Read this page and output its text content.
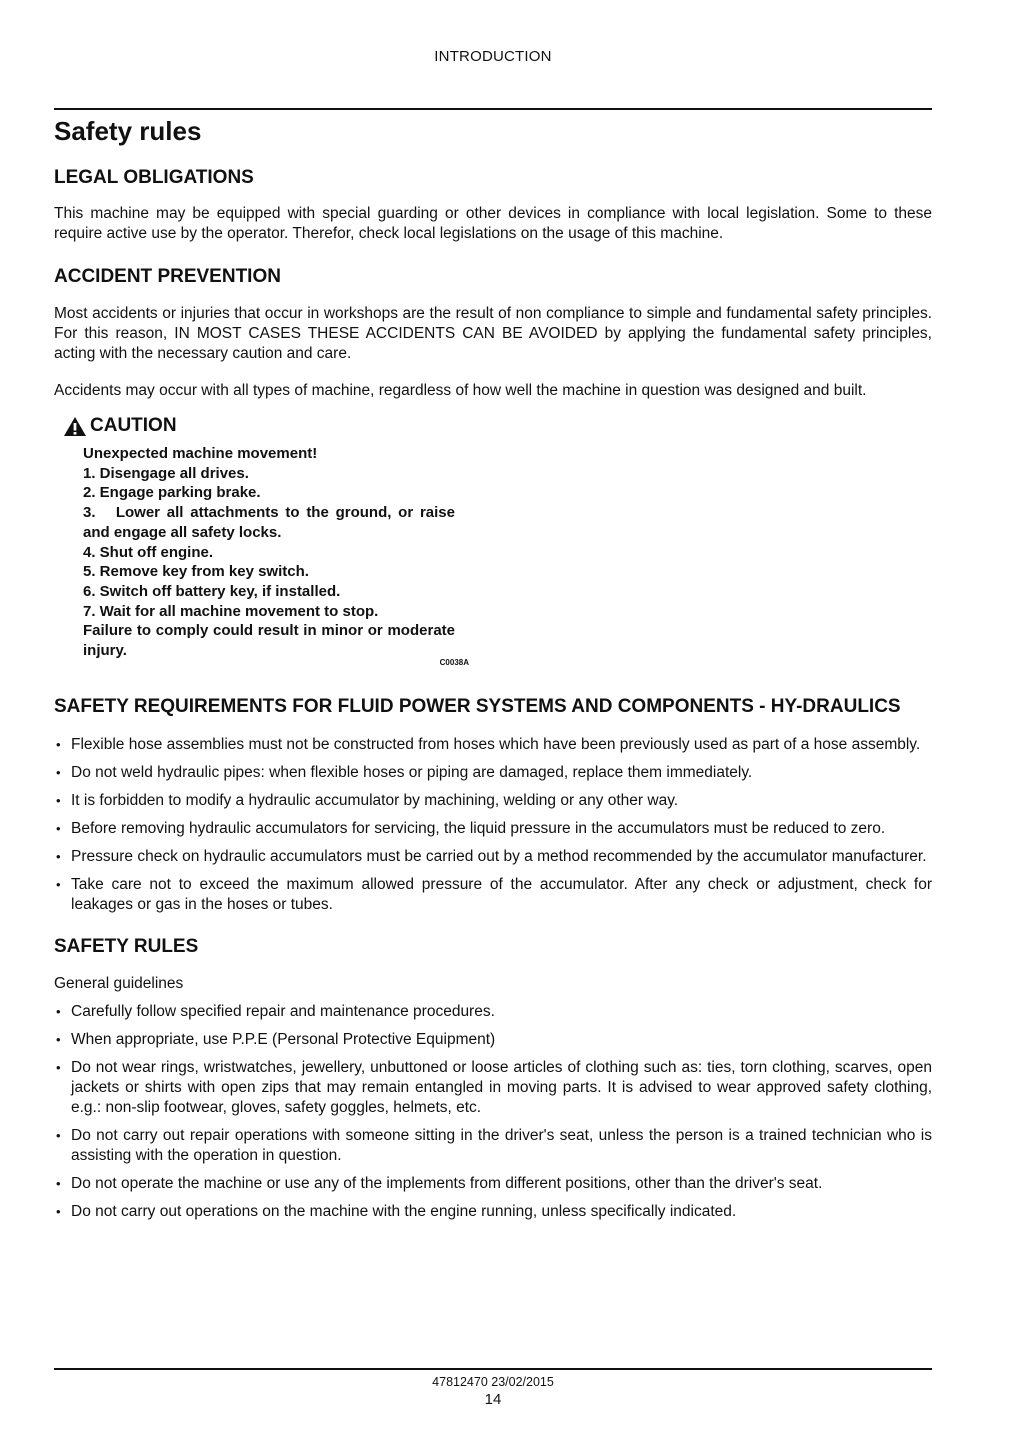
INTRODUCTION
Safety rules
LEGAL OBLIGATIONS

This machine may be equipped with special guarding or other devices in compliance with local legislation. Some to these require active use by the operator. Therefor, check local legislations on the usage of this machine.

ACCIDENT PREVENTION

Most accidents or injuries that occur in workshops are the result of non compliance to simple and fundamental safety principles. For this reason, IN MOST CASES THESE ACCIDENTS CAN BE AVOIDED by applying the fundamental safety principles, acting with the necessary caution and care.

Accidents may occur with all types of machine, regardless of how well the machine in question was designed and built.

CAUTION

Unexpected machine movement!

1. Disengage all drives.

2. Engage parking brake.

3.   Lower all attachments to the ground, or raise and engage all safety locks.

4. Shut off engine.

5. Remove key from key switch.

6. Switch off battery key, if installed.

7. Wait for all machine movement to stop.

Failure to comply could result in minor or moderate injury.

C0038A
SAFETY REQUIREMENTS FOR FLUID POWER SYSTEMS AND COMPONENTS - HY-DRAULICS
• Flexible hose assemblies must not be constructed from hoses which have been previously used as part of a hose assembly.
• Do not weld hydraulic pipes: when flexible hoses or piping are damaged, replace them immediately.
• It is forbidden to modify a hydraulic accumulator by machining, welding or any other way.
• Before removing hydraulic accumulators for servicing, the liquid pressure in the accumulators must be reduced to zero.
• Pressure check on hydraulic accumulators must be carried out by a method recommended by the accumulator manufacturer.
• Take care not to exceed the maximum allowed pressure of the accumulator. After any check or adjustment, check for leakages or gas in the hoses or tubes.
SAFETY RULES

General guidelines

• Carefully follow specified repair and maintenance procedures.
• When appropriate, use P.P.E (Personal Protective Equipment)
• Do not wear rings, wristwatches, jewellery, unbuttoned or loose articles of clothing such as: ties, torn clothing, scarves, open jackets or shirts with open zips that may remain entangled in moving parts. It is advised to wear approved safety clothing, e.g.: non-slip footwear, gloves, safety goggles, helmets, etc.
• Do not carry out repair operations with someone sitting in the driver's seat, unless the person is a trained technician who is assisting with the operation in question.
• Do not operate the machine or use any of the implements from different positions, other than the driver's seat.
• Do not carry out operations on the machine with the engine running, unless specifically indicated.
47812470 23/02/2015
14
